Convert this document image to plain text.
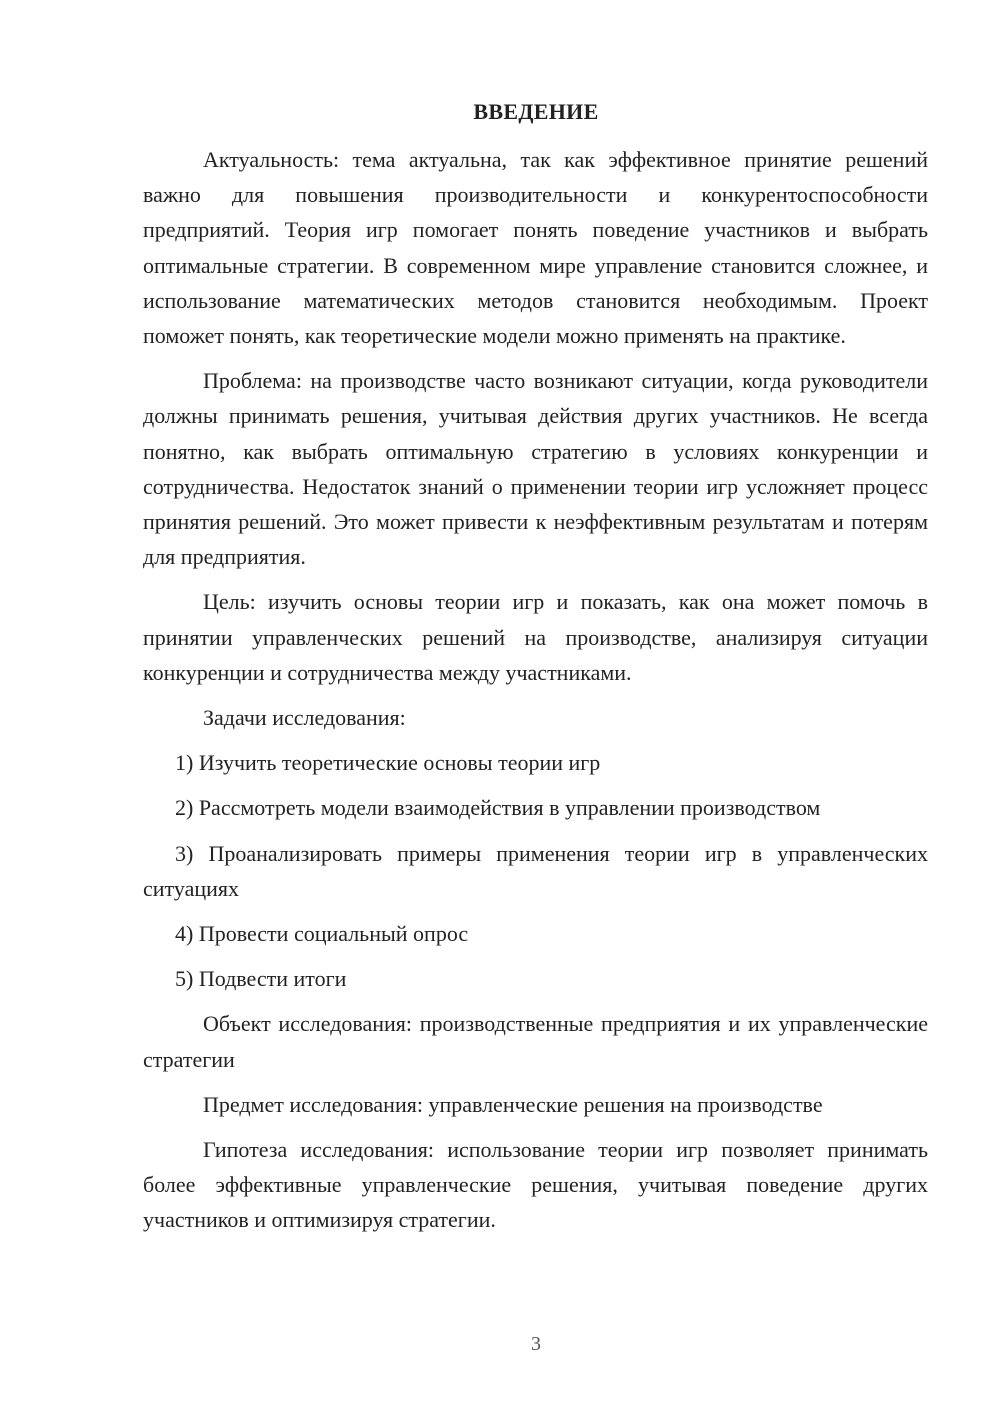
ВВЕДЕНИЕ

Актуальность: тема актуальна, так как эффективное принятие решений важно для повышения производительности и конкурентоспособности предприятий. Теория игр помогает понять поведение участников и выбрать оптимальные стратегии. В современном мире управление становится сложнее, и использование математических методов становится необходимым. Проект поможет понять, как теоретические модели можно применять на практике.

Проблема: на производстве часто возникают ситуации, когда руководители должны принимать решения, учитывая действия других участников. Не всегда понятно, как выбрать оптимальную стратегию в условиях конкуренции и сотрудничества. Недостаток знаний о применении теории игр усложняет процесс принятия решений. Это может привести к неэффективным результатам и потерям для предприятия.

Цель: изучить основы теории игр и показать, как она может помочь в принятии управленческих решений на производстве, анализируя ситуации конкуренции и сотрудничества между участниками.

Задачи исследования:

1) Изучить теоретические основы теории игр

2) Рассмотреть модели взаимодействия в управлении производством

3) Проанализировать примеры применения теории игр в управленческих ситуациях

4) Провести социальный опрос

5) Подвести итоги

Объект исследования: производственные предприятия и их управленческие стратегии

Предмет исследования: управленческие решения на производстве

Гипотеза исследования: использование теории игр позволяет принимать более эффективные управленческие решения, учитывая поведение других участников и оптимизируя стратегии.

3
